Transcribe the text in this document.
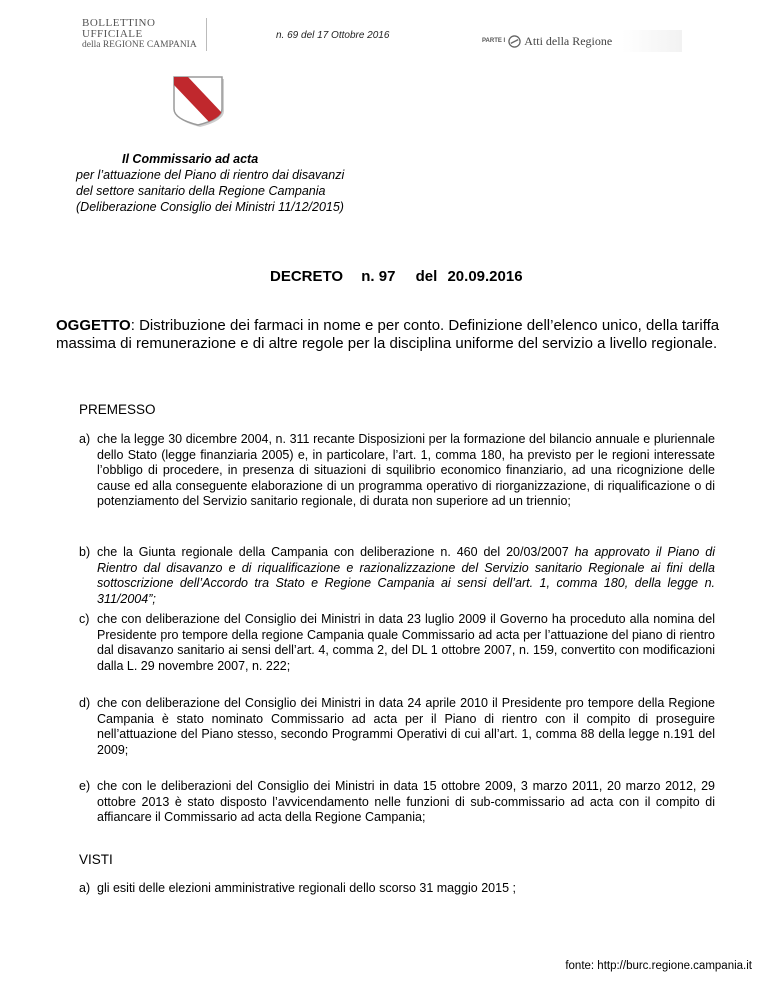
BOLLETTINO UFFICIALE
della REGIONE CAMPANIA
n. 69 del 17 Ottobre 2016	PARTE I Atti della Regione
Il Commissario ad acta
per l’attuazione del Piano di rientro dai disavanzi
del settore sanitario della Regione Campania
(Deliberazione Consiglio dei Ministri 11/12/2015)
DECRETO n. 97 del 20.09.2016
OGGETTO: Distribuzione dei farmaci in nome e per conto. Definizione dell’elenco unico, della tariffa massima di remunerazione e di altre regole per la disciplina uniforme del servizio a livello regionale.
PREMESSO
a) che la legge 30 dicembre 2004, n. 311 recante Disposizioni per la formazione del bilancio annuale e pluriennale dello Stato (legge finanziaria 2005) e, in particolare, l’art. 1, comma 180, ha previsto per le regioni interessate l’obbligo di procedere, in presenza di situazioni di squilibrio economico finanziario, ad una ricognizione delle cause ed alla conseguente elaborazione di un programma operativo di riorganizzazione, di riqualificazione o di potenziamento del Servizio sanitario regionale, di durata non superiore ad un triennio;
b) che la Giunta regionale della Campania con deliberazione n. 460 del 20/03/2007 ha approvato il Piano di Rientro dal disavanzo e di riqualificazione e razionalizzazione del Servizio sanitario Regionale ai fini della sottoscrizione dell’Accordo tra Stato e Regione Campania ai sensi dell’art. 1, comma 180, della legge n. 311/2004”;
c) che con deliberazione del Consiglio dei Ministri in data 23 luglio 2009 il Governo ha proceduto alla nomina del Presidente pro tempore della regione Campania quale Commissario ad acta per l’attuazione del piano di rientro dal disavanzo sanitario ai sensi dell’art. 4, comma 2, del DL 1 ottobre 2007, n. 159, convertito con modificazioni dalla L. 29 novembre 2007, n. 222;
d) che con deliberazione del Consiglio dei Ministri in data 24 aprile 2010 il Presidente pro tempore della Regione Campania è stato nominato Commissario ad acta per il Piano di rientro con il compito di proseguire nell’attuazione del Piano stesso, secondo Programmi Operativi di cui all’art. 1, comma 88 della legge n.191 del 2009;
e) che con le deliberazioni del Consiglio dei Ministri in data 15 ottobre 2009, 3 marzo 2011, 20 marzo 2012, 29 ottobre 2013 è stato disposto l’avvicendamento nelle funzioni di sub-commissario ad acta con il compito di affiancare il Commissario ad acta della Regione Campania;
VISTI
a) gli esiti delle elezioni amministrative regionali dello scorso 31 maggio 2015 ;
fonte: http://burc.regione.campania.it
